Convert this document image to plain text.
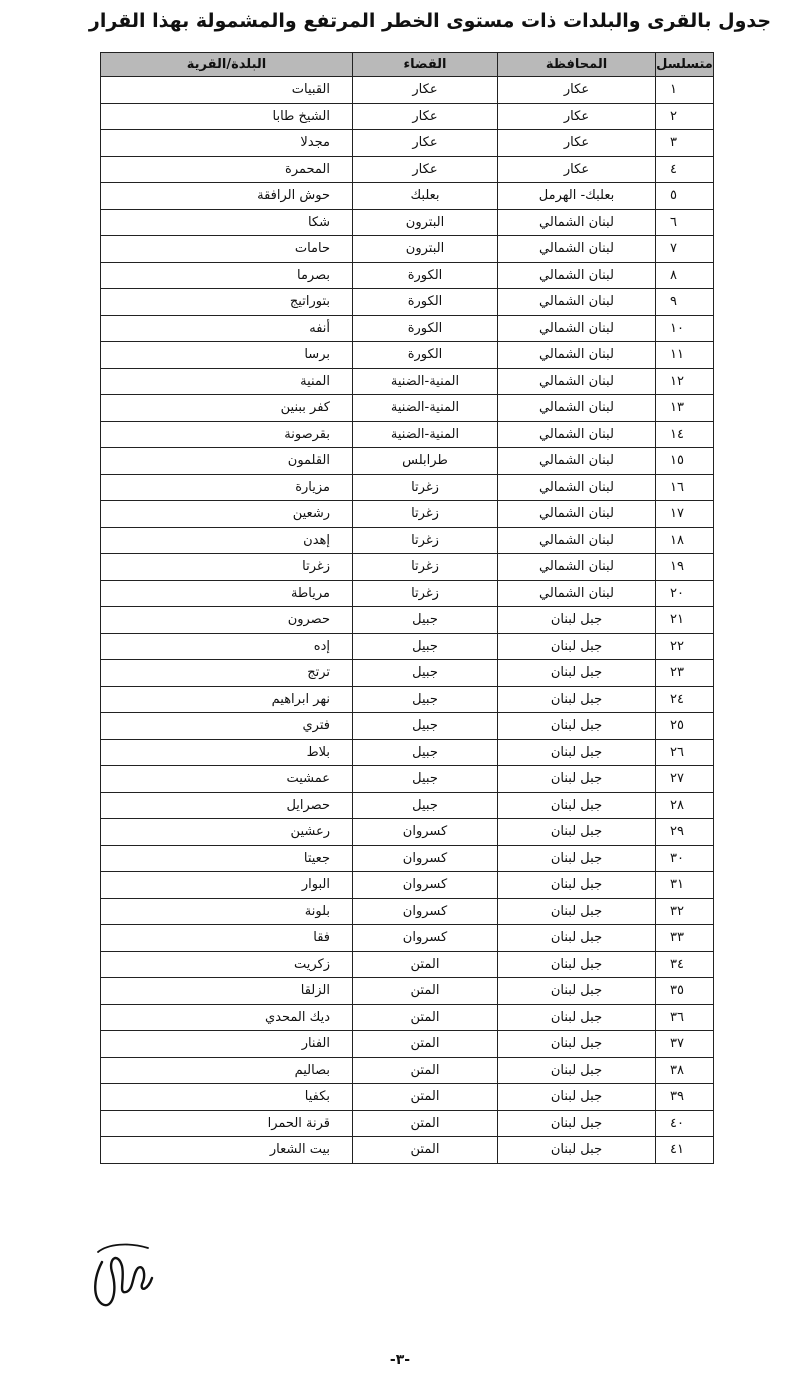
جدول بالقرى والبلدات ذات مستوى الخطر المرتفع والمشمولة بهذا القرار
متسلسل	المحافظة	القضاء	البلدة/القرية
١	عكار	عكار	القبيات
٢	عكار	عكار	الشيخ طابا
٣	عكار	عكار	مجدلا
٤	عكار	عكار	المحمرة
٥	بعلبك- الهرمل	بعلبك	حوش الرافقة
٦	لبنان الشمالي	البترون	شكا
٧	لبنان الشمالي	البترون	حامات
٨	لبنان الشمالي	الكورة	بصرما
٩	لبنان الشمالي	الكورة	بتوراتيج
١٠	لبنان الشمالي	الكورة	أنفه
١١	لبنان الشمالي	الكورة	برسا
١٢	لبنان الشمالي	المنية-الضنية	المنية
١٣	لبنان الشمالي	المنية-الضنية	كفر ببنين
١٤	لبنان الشمالي	المنية-الضنية	بقرصونة
١٥	لبنان الشمالي	طرابلس	القلمون
١٦	لبنان الشمالي	زغرتا	مزيارة
١٧	لبنان الشمالي	زغرتا	رشعين
١٨	لبنان الشمالي	زغرتا	إهدن
١٩	لبنان الشمالي	زغرتا	زغرتا
٢٠	لبنان الشمالي	زغرتا	مرياطة
٢١	جبل لبنان	جبيل	حصرون
٢٢	جبل لبنان	جبيل	إده
٢٣	جبل لبنان	جبيل	ترتج
٢٤	جبل لبنان	جبيل	نهر ابراهيم
٢٥	جبل لبنان	جبيل	فتري
٢٦	جبل لبنان	جبيل	بلاط
٢٧	جبل لبنان	جبيل	عمشيت
٢٨	جبل لبنان	جبيل	حصرايل
٢٩	جبل لبنان	كسروان	رعشين
٣٠	جبل لبنان	كسروان	جعيتا
٣١	جبل لبنان	كسروان	البوار
٣٢	جبل لبنان	كسروان	بلونة
٣٣	جبل لبنان	كسروان	فقا
٣٤	جبل لبنان	المتن	زكريت
٣٥	جبل لبنان	المتن	الزلقا
٣٦	جبل لبنان	المتن	ديك المحدي
٣٧	جبل لبنان	المتن	الفنار
٣٨	جبل لبنان	المتن	بصاليم
٣٩	جبل لبنان	المتن	بكفيا
٤٠	جبل لبنان	المتن	قرنة الحمرا
٤١	جبل لبنان	المتن	بيت الشعار
-٣-
